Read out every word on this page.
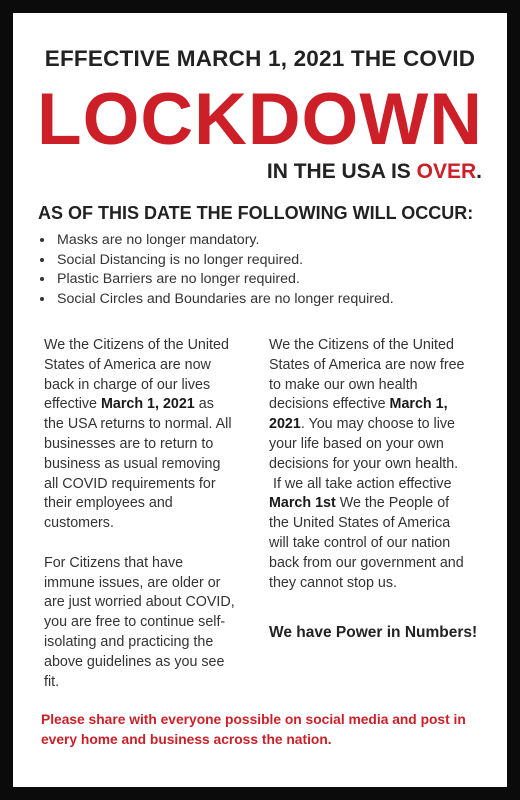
EFFECTIVE MARCH 1, 2021 THE COVID
LOCKDOWN
IN THE USA IS OVER.
AS OF THIS DATE THE FOLLOWING WILL OCCUR:
• Masks are no longer mandatory.
• Social Distancing is no longer required.
• Plastic Barriers are no longer required.
• Social Circles and Boundaries are no longer required.

We the Citizens of the United
States of America are now
back in charge of our lives
effective March 1, 2021 as
the USA returns to normal. All
businesses are to return to
business as usual removing
all COVID requirements for
their employees and
customers.

For Citizens that have
immune issues, are older or
are just worried about COVID,
you are free to continue self-
isolating and practicing the
above guidelines as you see
fit.

We the Citizens of the United
States of America are now free
to make our own health
decisions effective March 1,
2021. You may choose to live
your life based on your own
decisions for your own health.
If we all take action effective
March 1st We the People of
the United States of America
will take control of our nation
back from our government and
they cannot stop us.

We have Power in Numbers!
Please share with everyone possible on social media and post in
every home and business across the nation.
